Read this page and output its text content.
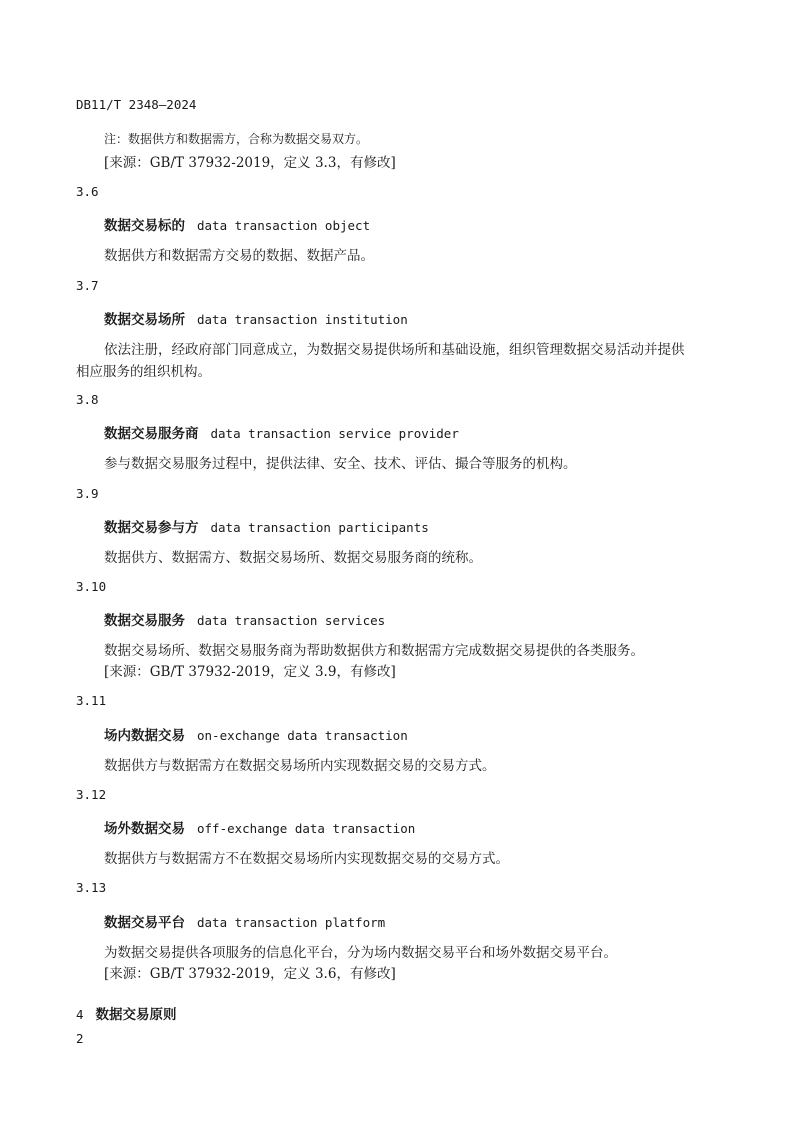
DB11/T 2348—2024
注：数据供方和数据需方，合称为数据交易双方。
[来源：GB/T 37932-2019，定义 3.3，有修改]
3.6
数据交易标的 data transaction object
数据供方和数据需方交易的数据、数据产品。
3.7
数据交易场所 data transaction institution
依法注册，经政府部门同意成立，为数据交易提供场所和基础设施，组织管理数据交易活动并提供
相应服务的组织机构。
3.8
数据交易服务商 data transaction service provider
参与数据交易服务过程中，提供法律、安全、技术、评估、撮合等服务的机构。
3.9
数据交易参与方 data transaction participants
数据供方、数据需方、数据交易场所、数据交易服务商的统称。
3.10
数据交易服务 data transaction services
数据交易场所、数据交易服务商为帮助数据供方和数据需方完成数据交易提供的各类服务。
[来源：GB/T 37932-2019，定义 3.9，有修改]
3.11
场内数据交易 on-exchange data transaction
数据供方与数据需方在数据交易场所内实现数据交易的交易方式。
3.12
场外数据交易 off-exchange data transaction
数据供方与数据需方不在数据交易场所内实现数据交易的交易方式。
3.13
数据交易平台 data transaction platform
为数据交易提供各项服务的信息化平台，分为场内数据交易平台和场外数据交易平台。
[来源：GB/T 37932-2019，定义 3.6，有修改]
4 数据交易原则
2
